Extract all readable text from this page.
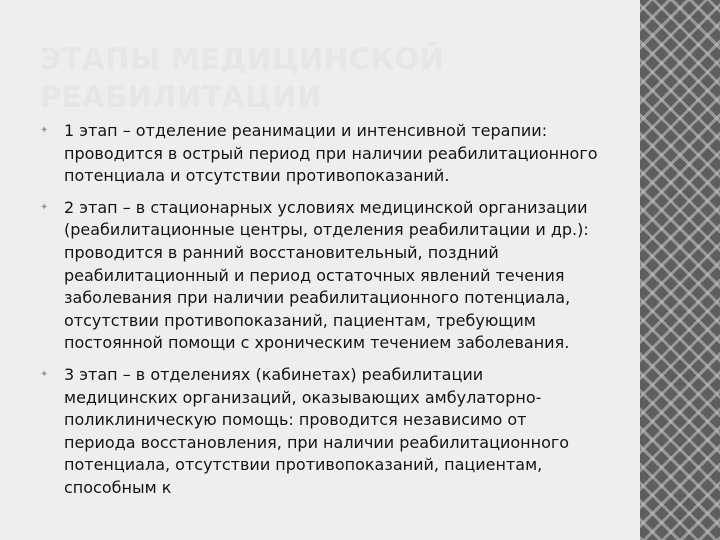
ЭТАПЫ МЕДИЦИНСКОЙ РЕАБИЛИТАЦИИ
✦ 1 этап – отделение реанимации и интенсивной терапии: проводится в острый период при наличии реабилитационного потенциала и отсутствии противопоказаний.
✦ 2 этап – в стационарных условиях медицинской организации (реабилитационные центры, отделения реабилитации и др.): проводится в ранний восстановительный, поздний реабилитационный и период остаточных явлений течения заболевания при наличии реабилитационного потенциала, отсутствии противопоказаний, пациентам, требующим постоянной помощи с хроническим течением заболевания.
✦ 3 этап – в отделениях (кабинетах) реабилитации медицинских организаций, оказывающих амбулаторно-поликлиническую помощь: проводится независимо от периода восстановления, при наличии реабилитационного потенциала, отсутствии противопоказаний, пациентам, способным к
